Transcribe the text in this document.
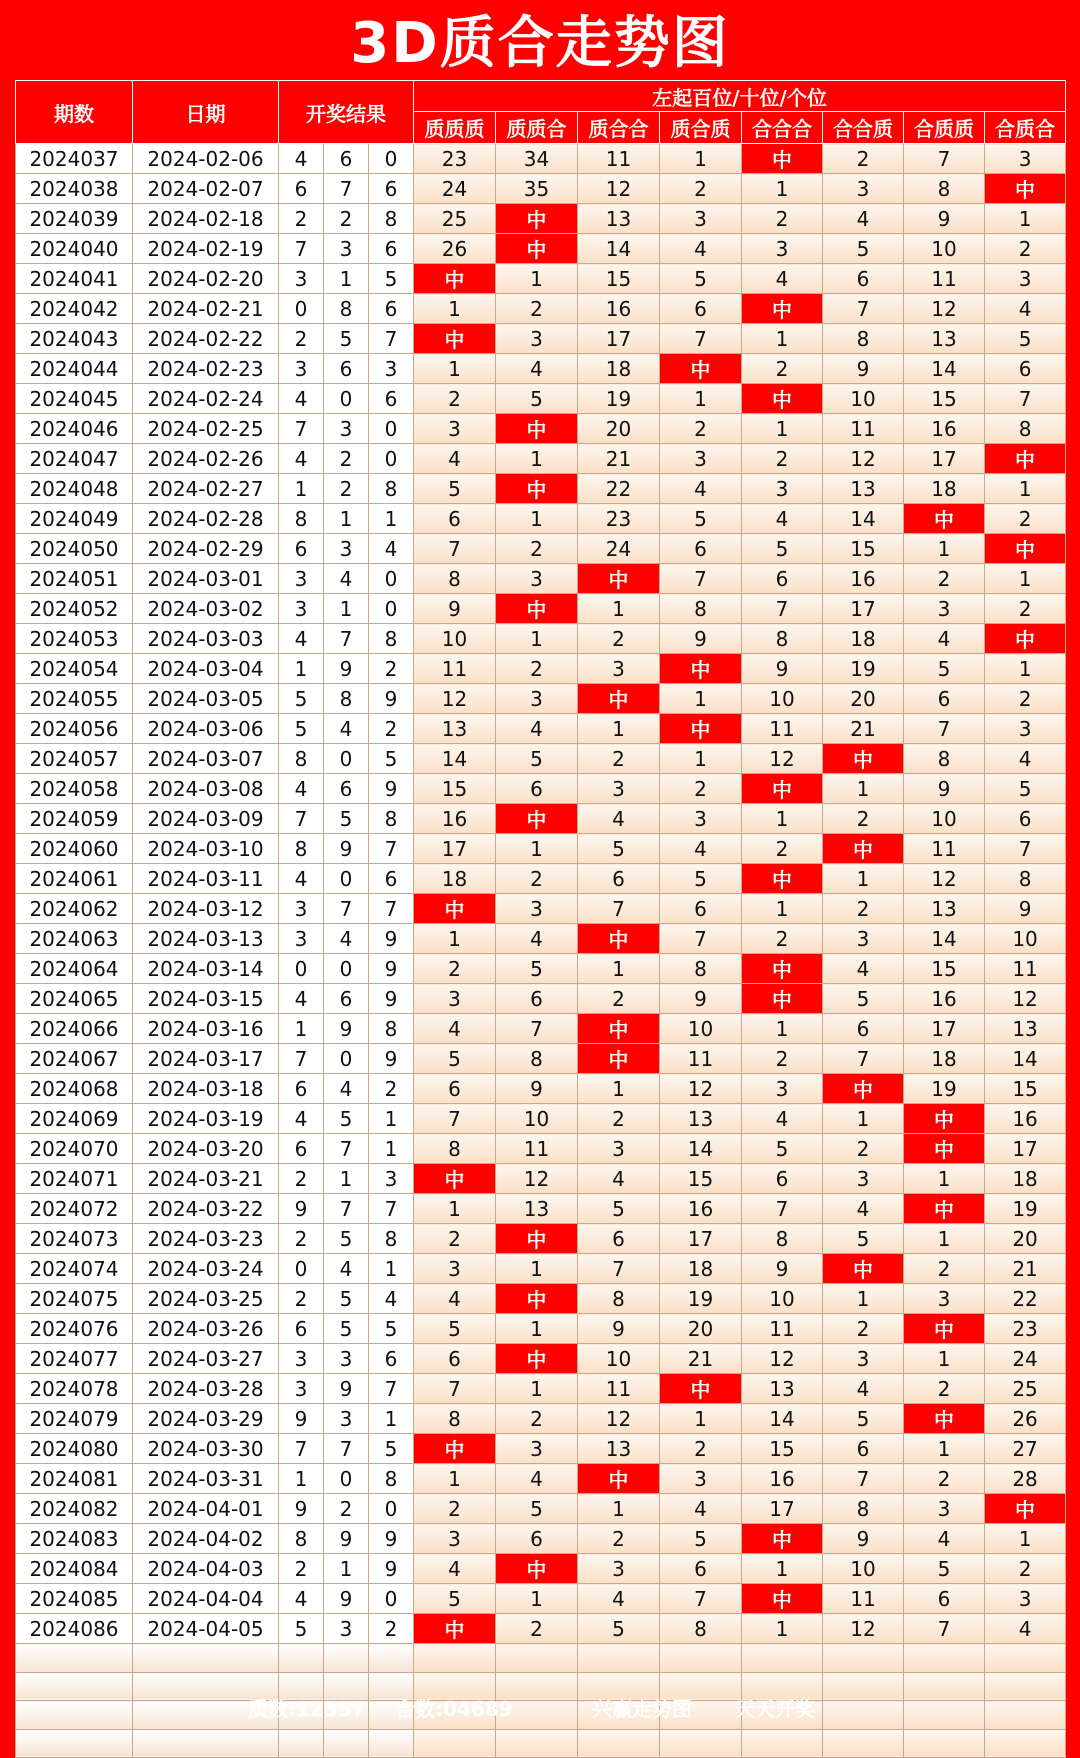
3D质合走势图
期数	日期	开奖结果			左起百位/十位/个位							
					质质质	质质合	质合合	质合质	合合合	合合质	合质质	合质合
2024037	2024-02-06	4	6	0	23	34	11	1	中	2	7	3
2024038	2024-02-07	6	7	6	24	35	12	2	1	3	8	中
2024039	2024-02-18	2	2	8	25	中	13	3	2	4	9	1
2024040	2024-02-19	7	3	6	26	中	14	4	3	5	10	2
2024041	2024-02-20	3	1	5	中	1	15	5	4	6	11	3
2024042	2024-02-21	0	8	6	1	2	16	6	中	7	12	4
2024043	2024-02-22	2	5	7	中	3	17	7	1	8	13	5
2024044	2024-02-23	3	6	3	1	4	18	中	2	9	14	6
2024045	2024-02-24	4	0	6	2	5	19	1	中	10	15	7
2024046	2024-02-25	7	3	0	3	中	20	2	1	11	16	8
2024047	2024-02-26	4	2	0	4	1	21	3	2	12	17	中
2024048	2024-02-27	1	2	8	5	中	22	4	3	13	18	1
2024049	2024-02-28	8	1	1	6	1	23	5	4	14	中	2
2024050	2024-02-29	6	3	4	7	2	24	6	5	15	1	中
2024051	2024-03-01	3	4	0	8	3	中	7	6	16	2	1
2024052	2024-03-02	3	1	0	9	中	1	8	7	17	3	2
2024053	2024-03-03	4	7	8	10	1	2	9	8	18	4	中
2024054	2024-03-04	1	9	2	11	2	3	中	9	19	5	1
2024055	2024-03-05	5	8	9	12	3	中	1	10	20	6	2
2024056	2024-03-06	5	4	2	13	4	1	中	11	21	7	3
2024057	2024-03-07	8	0	5	14	5	2	1	12	中	8	4
2024058	2024-03-08	4	6	9	15	6	3	2	中	1	9	5
2024059	2024-03-09	7	5	8	16	中	4	3	1	2	10	6
2024060	2024-03-10	8	9	7	17	1	5	4	2	中	11	7
2024061	2024-03-11	4	0	6	18	2	6	5	中	1	12	8
2024062	2024-03-12	3	7	7	中	3	7	6	1	2	13	9
2024063	2024-03-13	3	4	9	1	4	中	7	2	3	14	10
2024064	2024-03-14	0	0	9	2	5	1	8	中	4	15	11
2024065	2024-03-15	4	6	9	3	6	2	9	中	5	16	12
2024066	2024-03-16	1	9	8	4	7	中	10	1	6	17	13
2024067	2024-03-17	7	0	9	5	8	中	11	2	7	18	14
2024068	2024-03-18	6	4	2	6	9	1	12	3	中	19	15
2024069	2024-03-19	4	5	1	7	10	2	13	4	1	中	16
2024070	2024-03-20	6	7	1	8	11	3	14	5	2	中	17
2024071	2024-03-21	2	1	3	中	12	4	15	6	3	1	18
2024072	2024-03-22	9	7	7	1	13	5	16	7	4	中	19
2024073	2024-03-23	2	5	8	2	中	6	17	8	5	1	20
2024074	2024-03-24	0	4	1	3	1	7	18	9	中	2	21
2024075	2024-03-25	2	5	4	4	中	8	19	10	1	3	22
2024076	2024-03-26	6	5	5	5	1	9	20	11	2	中	23
2024077	2024-03-27	3	3	6	6	中	10	21	12	3	1	24
2024078	2024-03-28	3	9	7	7	1	11	中	13	4	2	25
2024079	2024-03-29	9	3	1	8	2	12	1	14	5	中	26
2024080	2024-03-30	7	7	5	中	3	13	2	15	6	1	27
2024081	2024-03-31	1	0	8	1	4	中	3	16	7	2	28
2024082	2024-04-01	9	2	0	2	5	1	4	17	8	3	中
2024083	2024-04-02	8	9	9	3	6	2	5	中	9	4	1
2024084	2024-04-03	2	1	9	4	中	3	6	1	10	5	2
2024085	2024-04-04	4	9	0	5	1	4	7	中	11	6	3
2024086	2024-04-05	5	3	2	中	2	5	8	1	12	7	4

质数:12357 合数:04689	兴赢走势图 天天开奖
